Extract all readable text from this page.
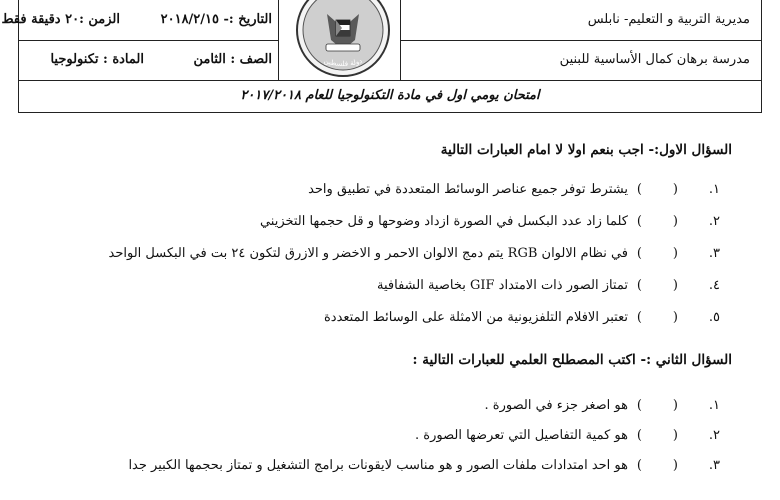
مديرية التربية و التعليم- نابلس
مدرسة برهان كمال الأساسية للبنين
التاريخ :- ٢٠١٨/٢/١٥
الزمن :٢٠ دقيقة فقط
الصف : الثامن
المادة : تكنولوجيا	دولة فلسطين
امتحان يومي اول في مادة التكنولوجيا للعام ٢٠١٧/٢٠١٨
السؤال الاول:- اجب بنعم اولا لا امام العبارات التالية
١.
(
)
يشترط توفر جميع عناصر الوسائط المتعددة في تطبيق واحد
٢.
(
)
كلما زاد عدد البكسل في الصورة ازداد وضوحها و قل حجمها التخزيني
٣.
(
)
في نظام الالوان RGB يتم دمج الالوان الاحمر و الاخضر و الازرق لتكون ٢٤ بت في البكسل الواحد
٤.
(
)
تمتاز الصور ذات الامتداد GIF بخاصية الشفافية
٥.
(
)
تعتبر الافلام التلفزيونية من الامثلة على الوسائط المتعددة
السؤال الثاني :- اكتب المصطلح العلمي للعبارات التالية :
١.
(
)
هو اصغر جزء في الصورة .
٢.
(
)
هو كمية التفاصيل التي تعرضها الصورة .
٣.
(
)
هو احد امتدادات ملفات الصور و هو مناسب لايقونات برامج التشغيل و تمتاز بحجمها الكبير جدا
